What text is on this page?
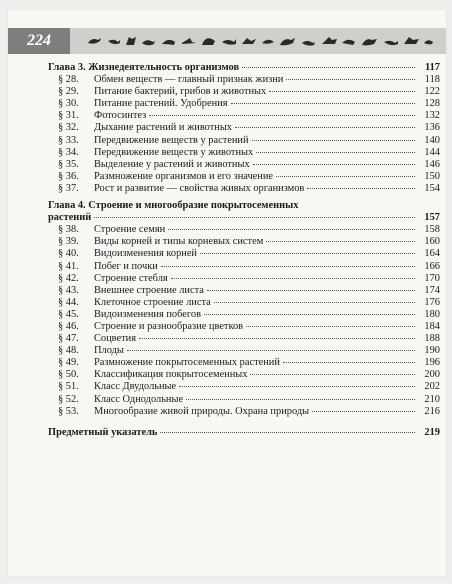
224
Глава 3. Жизнедеятельность организмов	117
§ 28.	Обмен веществ — главный признак жизни	118
§ 29.	Питание бактерий, грибов и животных	122
§ 30.	Питание растений. Удобрения	128
§ 31.	Фотосинтез	132
§ 32.	Дыхание растений и животных	136
§ 33.	Передвижение веществ у растений	140
§ 34.	Передвижение веществ у животных	144
§ 35.	Выделение у растений и животных	146
§ 36.	Размножение организмов и его значение	150
§ 37.	Рост и развитие — свойства живых организмов	154
Глава 4. Строение и многообразие покрытосеменных
растений	157
§ 38.	Строение семян	158
§ 39.	Виды корней и типы корневых систем	160
§ 40.	Видоизменения корней	164
§ 41.	Побег и почки	166
§ 42.	Строение стебля	170
§ 43.	Внешнее строение листа	174
§ 44.	Клеточное строение листа	176
§ 45.	Видоизменения побегов	180
§ 46.	Строение и разнообразие цветков	184
§ 47.	Соцветия	188
§ 48.	Плоды	190
§ 49.	Размножение покрытосеменных растений	196
§ 50.	Классификация покрытосеменных	200
§ 51.	Класс Двудольные	202
§ 52.	Класс Однодольные	210
§ 53.	Многообразие живой природы. Охрана природы	216
Предметный указатель	219
